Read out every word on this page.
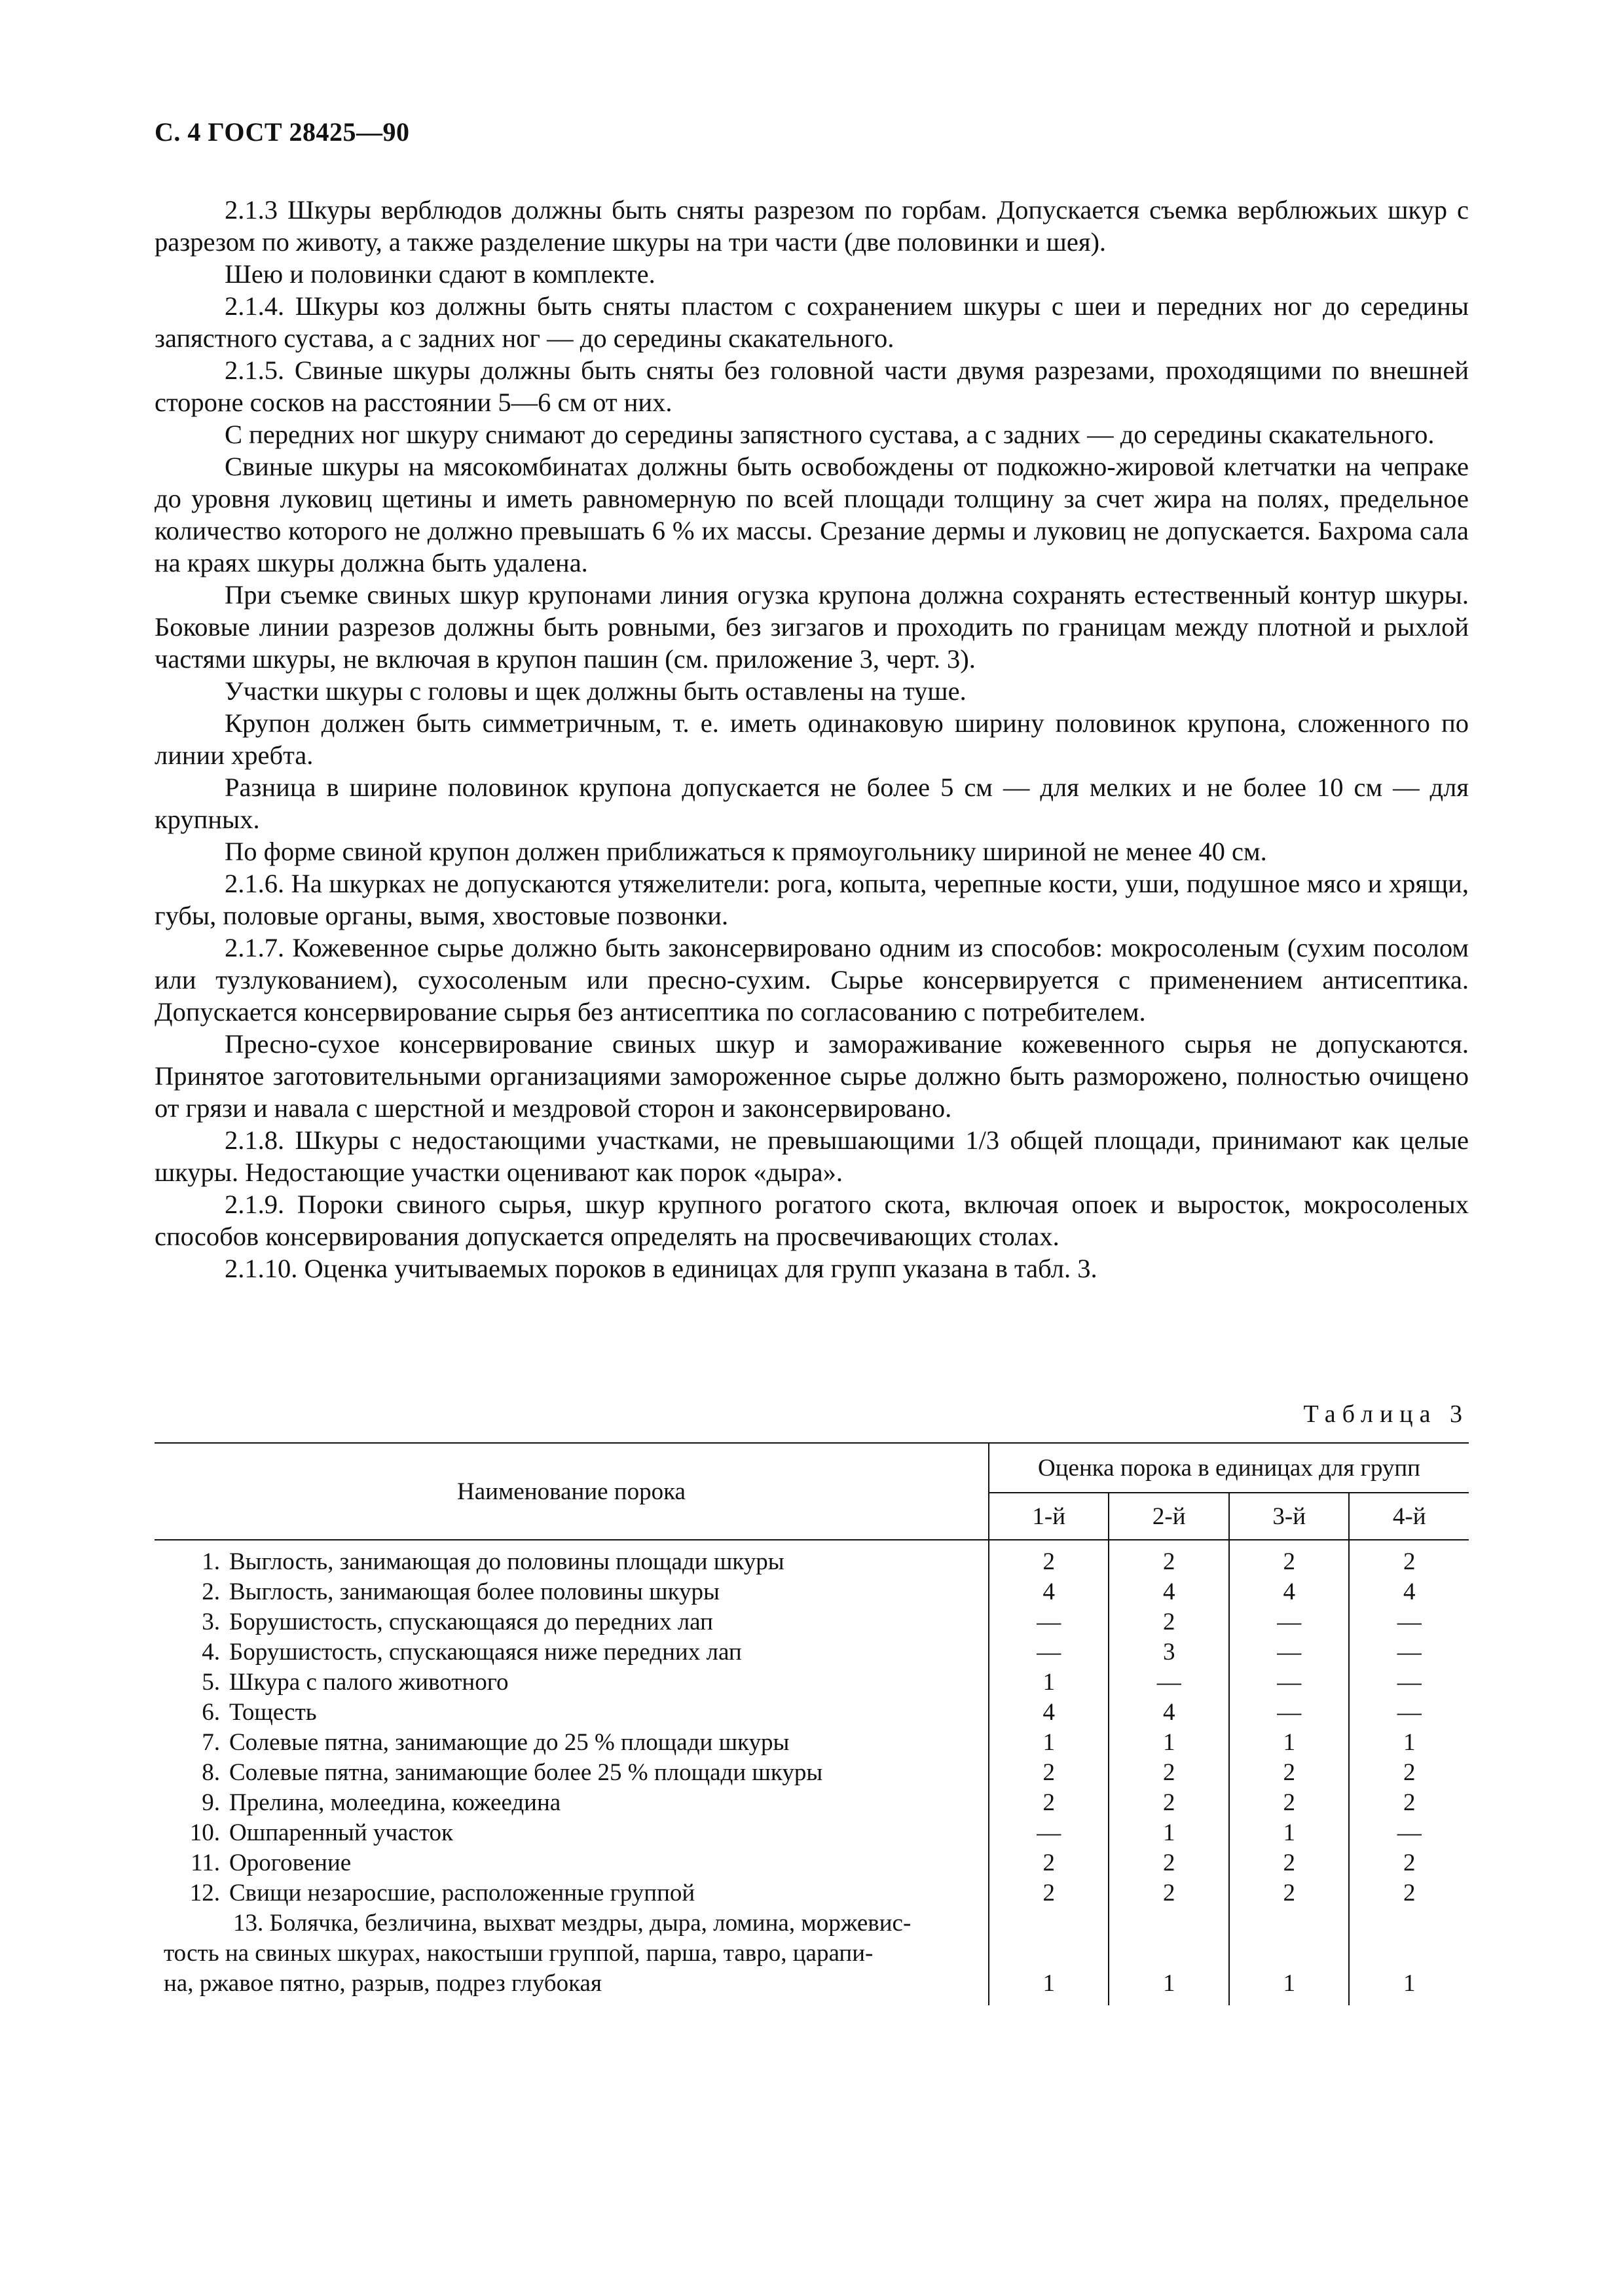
С. 4 ГОСТ 28425—90

2.1.3 Шкуры верблюдов должны быть сняты разрезом по горбам. Допускается съемка верблюжьих шкур с разрезом по животу, а также разделение шкуры на три части (две половинки и шея).

Шею и половинки сдают в комплекте.

2.1.4. Шкуры коз должны быть сняты пластом с сохранением шкуры с шеи и передних ног до середины запястного сустава, а с задних ног — до середины скакательного.

2.1.5. Свиные шкуры должны быть сняты без головной части двумя разрезами, проходящими по внешней стороне сосков на расстоянии 5—6 см от них.

С передних ног шкуру снимают до середины запястного сустава, а с задних — до середины скакательного.

Свиные шкуры на мясокомбинатах должны быть освобождены от подкожно-жировой клетчатки на чепраке до уровня луковиц щетины и иметь равномерную по всей площади толщину за счет жира на полях, предельное количество которого не должно превышать 6 % их массы. Срезание дермы и луковиц не допускается. Бахрома сала на краях шкуры должна быть удалена.

При съемке свиных шкур крупонами линия огузка крупона должна сохранять естественный контур шкуры. Боковые линии разрезов должны быть ровными, без зигзагов и проходить по границам между плотной и рыхлой частями шкуры, не включая в крупон пашин (см. приложение 3, черт. 3).

Участки шкуры с головы и щек должны быть оставлены на туше.

Крупон должен быть симметричным, т. е. иметь одинаковую ширину половинок крупона, сложенного по линии хребта.

Разница в ширине половинок крупона допускается не более 5 см — для мелких и не более 10 см — для крупных.

По форме свиной крупон должен приближаться к прямоугольнику шириной не менее 40 см.

2.1.6. На шкурках не допускаются утяжелители: рога, копыта, черепные кости, уши, подушное мясо и хрящи, губы, половые органы, вымя, хвостовые позвонки.

2.1.7. Кожевенное сырье должно быть законсервировано одним из способов: мокросоленым (сухим посолом или тузлукованием), сухосоленым или пресно-сухим. Сырье консервируется с применением антисептика. Допускается консервирование сырья без антисептика по согласованию с потребителем.

Пресно-сухое консервирование свиных шкур и замораживание кожевенного сырья не допускаются. Принятое заготовительными организациями замороженное сырье должно быть разморожено, полностью очищено от грязи и навала с шерстной и мездровой сторон и законсервировано.

2.1.8. Шкуры с недостающими участками, не превышающими 1/3 общей площади, принимают как целые шкуры. Недостающие участки оценивают как порок «дыра».

2.1.9. Пороки свиного сырья, шкур крупного рогатого скота, включая опоек и выросток, мокросоленых способов консервирования допускается определять на просвечивающих столах.

2.1.10. Оценка учитываемых пороков в единицах для групп указана в табл. 3.

Таблица 3
Наименование порока	Оценка порока в единицах для групп			
	1-й	2-й	3-й	4-й
1. Выглость, занимающая до половины площади шкуры	2	2	2	2
2. Выглость, занимающая более половины шкуры	4	4	4	4
3. Борушистость, спускающаяся до передних лап	—	2	—	—
4. Борушистость, спускающаяся ниже передних лап	—	3	—	—
5. Шкура с палого животного	1	—	—	—
6. Тощесть	4	4	—	—
7. Солевые пятна, занимающие до 25 % площади шкуры	1	1	1	1
8. Солевые пятна, занимающие более 25 % площади шкуры	2	2	2	2
9. Прелина, молеедина, кожеедина	2	2	2	2
10. Ошпаренный участок	—	1	1	—
11. Ороговение	2	2	2	2
12. Свищи незаросшие, расположенные группой	2	2	2	2

13. Болячка, безличина, выхват мездры, дыра, ломина, моржевис-
тость на свиных шкурах, накостыши группой, парша, тавро, царапи-
на, ржавое пятно, разрыв, подрез глубокая	1	1	1	1
